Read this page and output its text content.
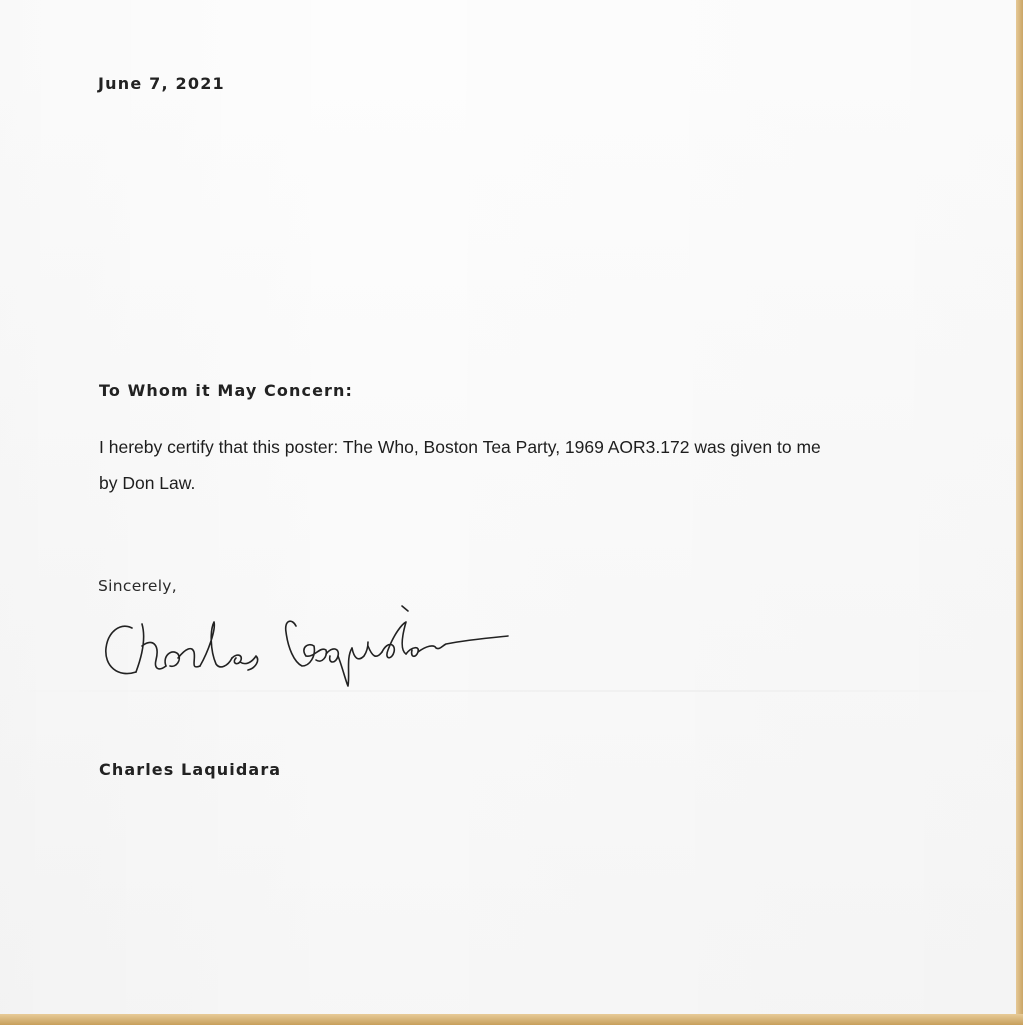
June 7, 2021
To Whom it May Concern:
I hereby certify that this poster: The Who, Boston Tea Party, 1969 AOR3.172 was given to me
by Don Law.
Sincerely,
Charles Laquidara
